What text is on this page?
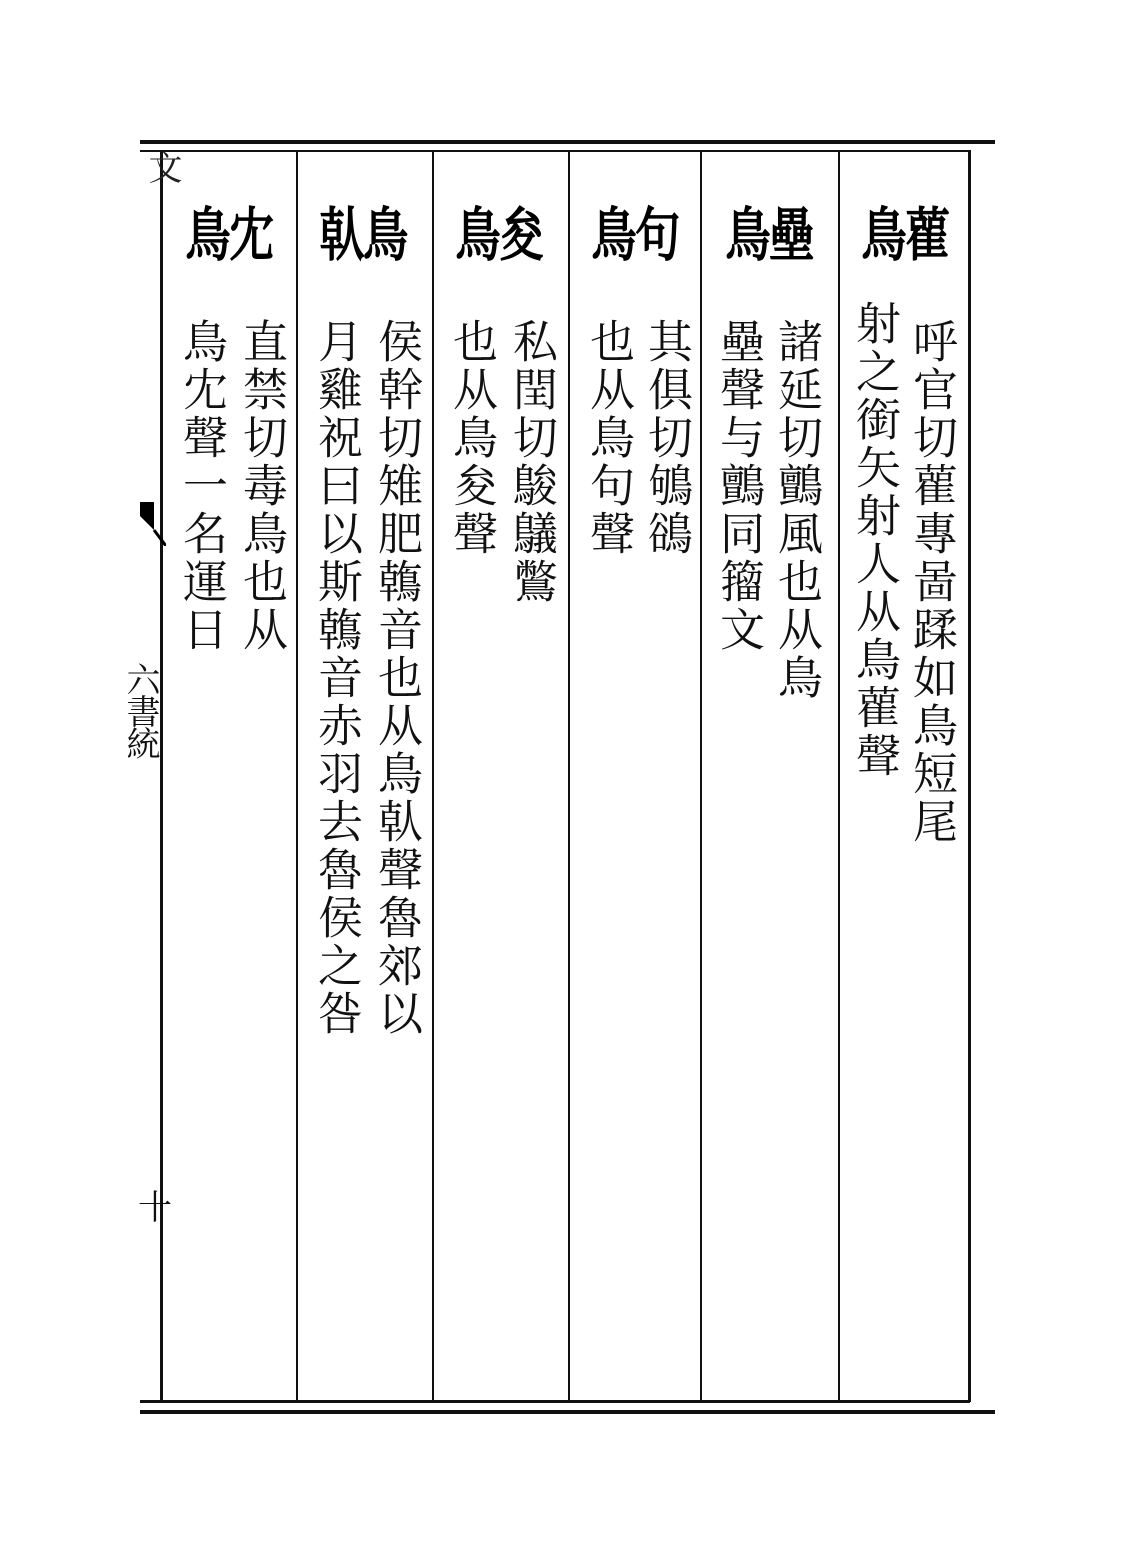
文
六書統
十
鳥雚
呼官切雚專啚蹂如鳥短尾
射之銜矢射人从鳥雚聲
鳥壘
諸延切鸇風也从鳥
壘聲与鸇同籀文
鳥句
其俱切鴝鵒
也从鳥句聲
鳥夋
私閏切鵔鸃鷩
也从鳥夋聲
倝鳥
侯幹切雉肥鶾音也从鳥倝聲魯郊以
月雞祝曰以斯鶾音赤羽去魯侯之咎
鳥冘
直禁切毒鳥也从
鳥冘聲一名運日
